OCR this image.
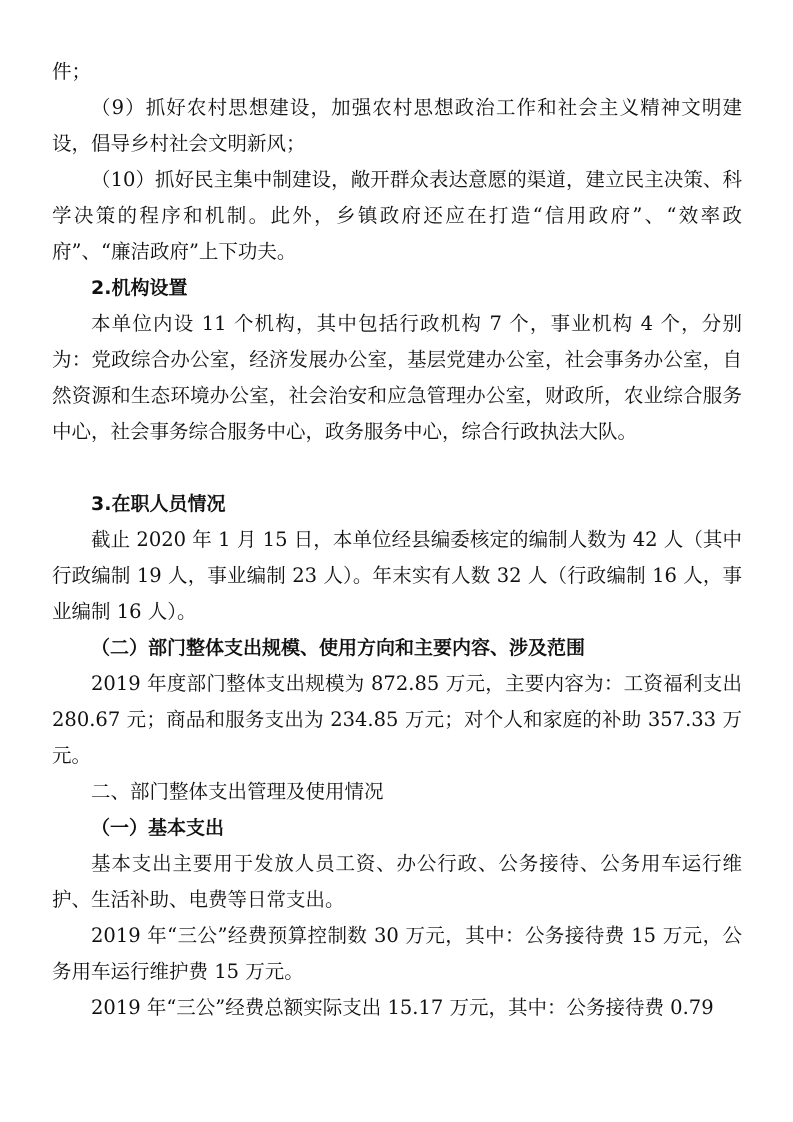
件；

（9）抓好农村思想建设，加强农村思想政治工作和社会主义精神文明建设，倡导乡村社会文明新风；

（10）抓好民主集中制建设，敞开群众表达意愿的渠道，建立民主决策、科学决策的程序和机制。此外，乡镇政府还应在打造“信用政府”、“效率政府”、“廉洁政府”上下功夫。

2.机构设置

本单位内设 11 个机构，其中包括行政机构 7 个，事业机构 4 个，分别为：党政综合办公室，经济发展办公室，基层党建办公室，社会事务办公室，自然资源和生态环境办公室，社会治安和应急管理办公室，财政所，农业综合服务中心，社会事务综合服务中心，政务服务中心，综合行政执法大队。

3.在职人员情况

截止 2020 年 1 月 15 日，本单位经县编委核定的编制人数为 42 人（其中行政编制 19 人，事业编制 23 人）。年末实有人数 32 人（行政编制 16 人，事业编制 16 人）。

（二）部门整体支出规模、使用方向和主要内容、涉及范围

2019 年度部门整体支出规模为 872.85 万元，主要内容为：工资福利支出 280.67 元；商品和服务支出为 234.85 万元；对个人和家庭的补助 357.33 万元。

二、部门整体支出管理及使用情况

（一）基本支出

基本支出主要用于发放人员工资、办公行政、公务接待、公务用车运行维护、生活补助、电费等日常支出。

2019 年“三公”经费预算控制数 30 万元，其中：公务接待费 15 万元，公务用车运行维护费 15 万元。

2019 年“三公”经费总额实际支出 15.17 万元，其中：公务接待费 0.79
